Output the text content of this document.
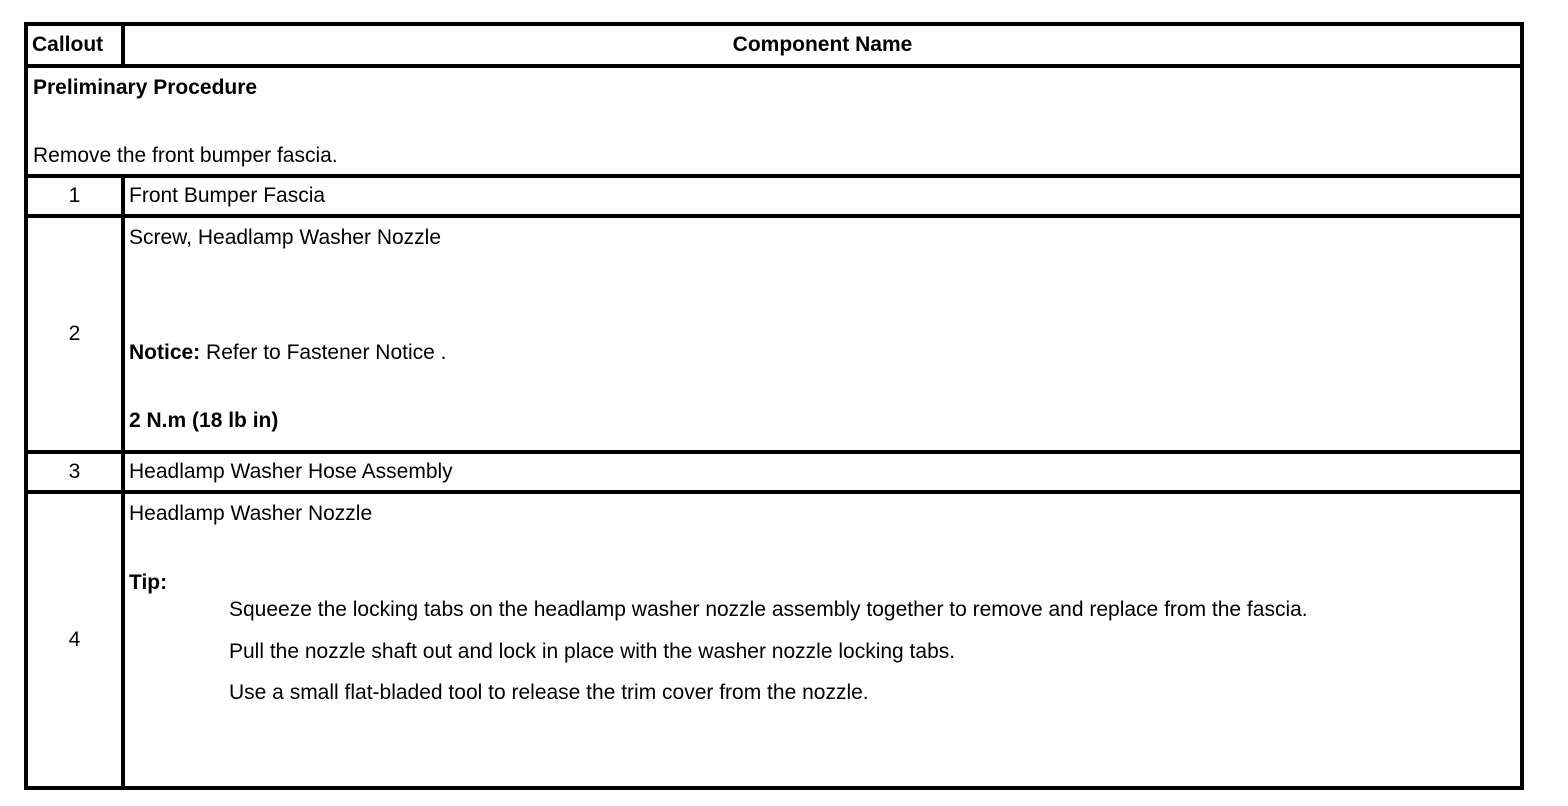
Callout	Component Name

Preliminary Procedure
Remove the front bumper fascia.	

1	Front Bumper Fascia
2	Screw, Headlamp Washer Nozzle
Notice: Refer to Fastener Notice .
2 N.m (18 lb in)

3	Headlamp Washer Hose Assembly
4	Headlamp Washer Nozzle
Tip:
Squeeze the locking tabs on the headlamp washer nozzle assembly together to remove and replace from the fascia.
Pull the nozzle shaft out and lock in place with the washer nozzle locking tabs.
Use a small flat-bladed tool to release the trim cover from the nozzle.
